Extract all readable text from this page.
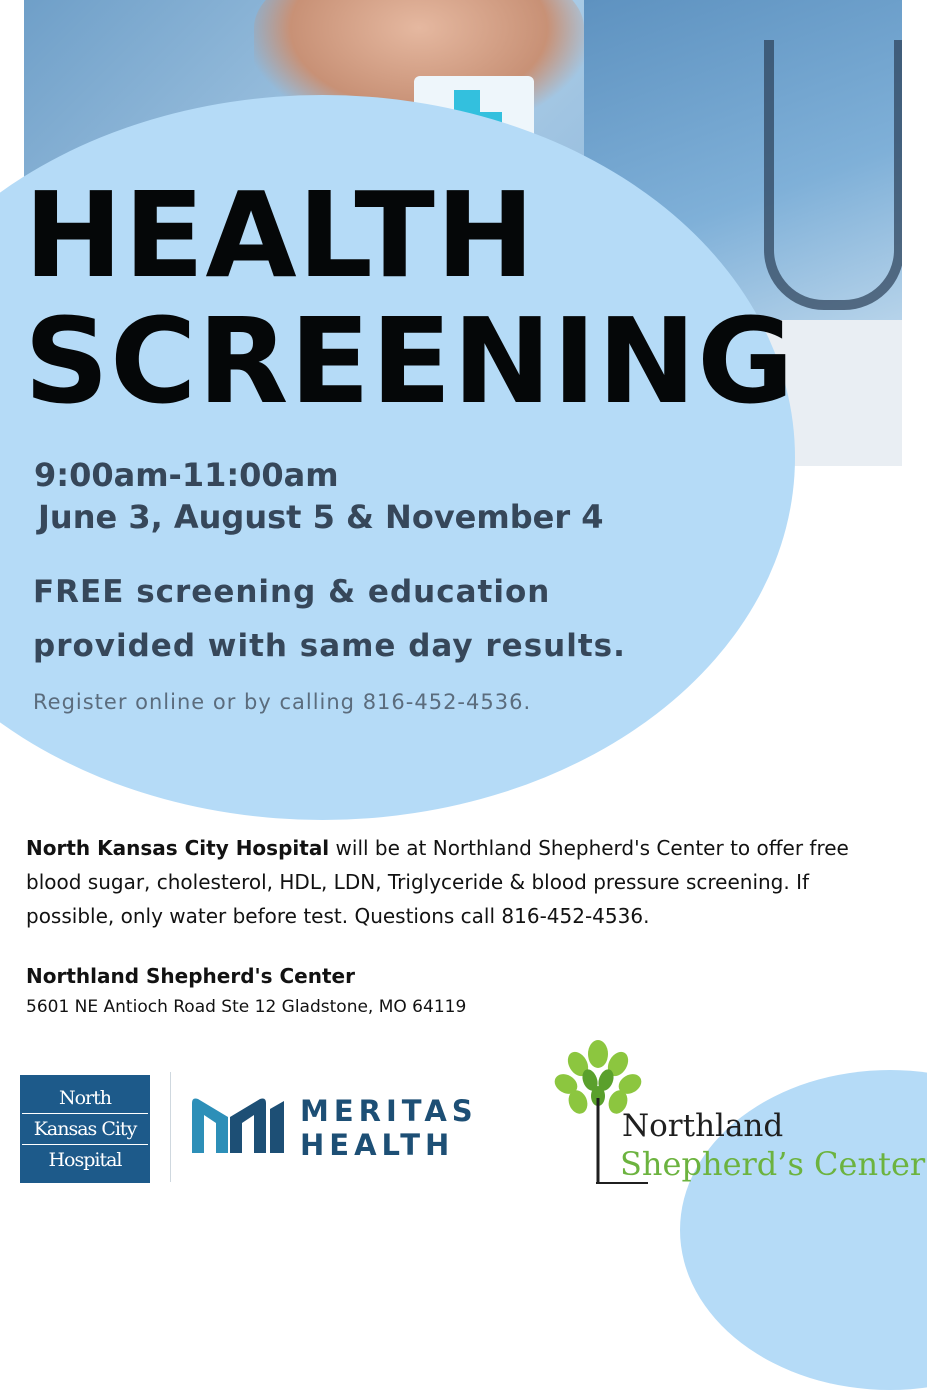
HEALTH
SCREENING

9:00am-11:00am

June 3, August 5 & November 4

FREE screening & education
provided with same day results.

Register online or by calling 816-452-4536.

North Kansas City Hospital will be at Northland Shepherd's Center to offer free blood sugar, cholesterol, HDL, LDN, Triglyceride & blood pressure screening. If possible, only water before test. Questions call 816-452-4536.

Northland Shepherd's Center

5601 NE Antioch Road Ste 12 Gladstone, MO 64119

North
Kansas City
Hospital

MERITAS
HEALTH

Northland
Shepherd’s Center
